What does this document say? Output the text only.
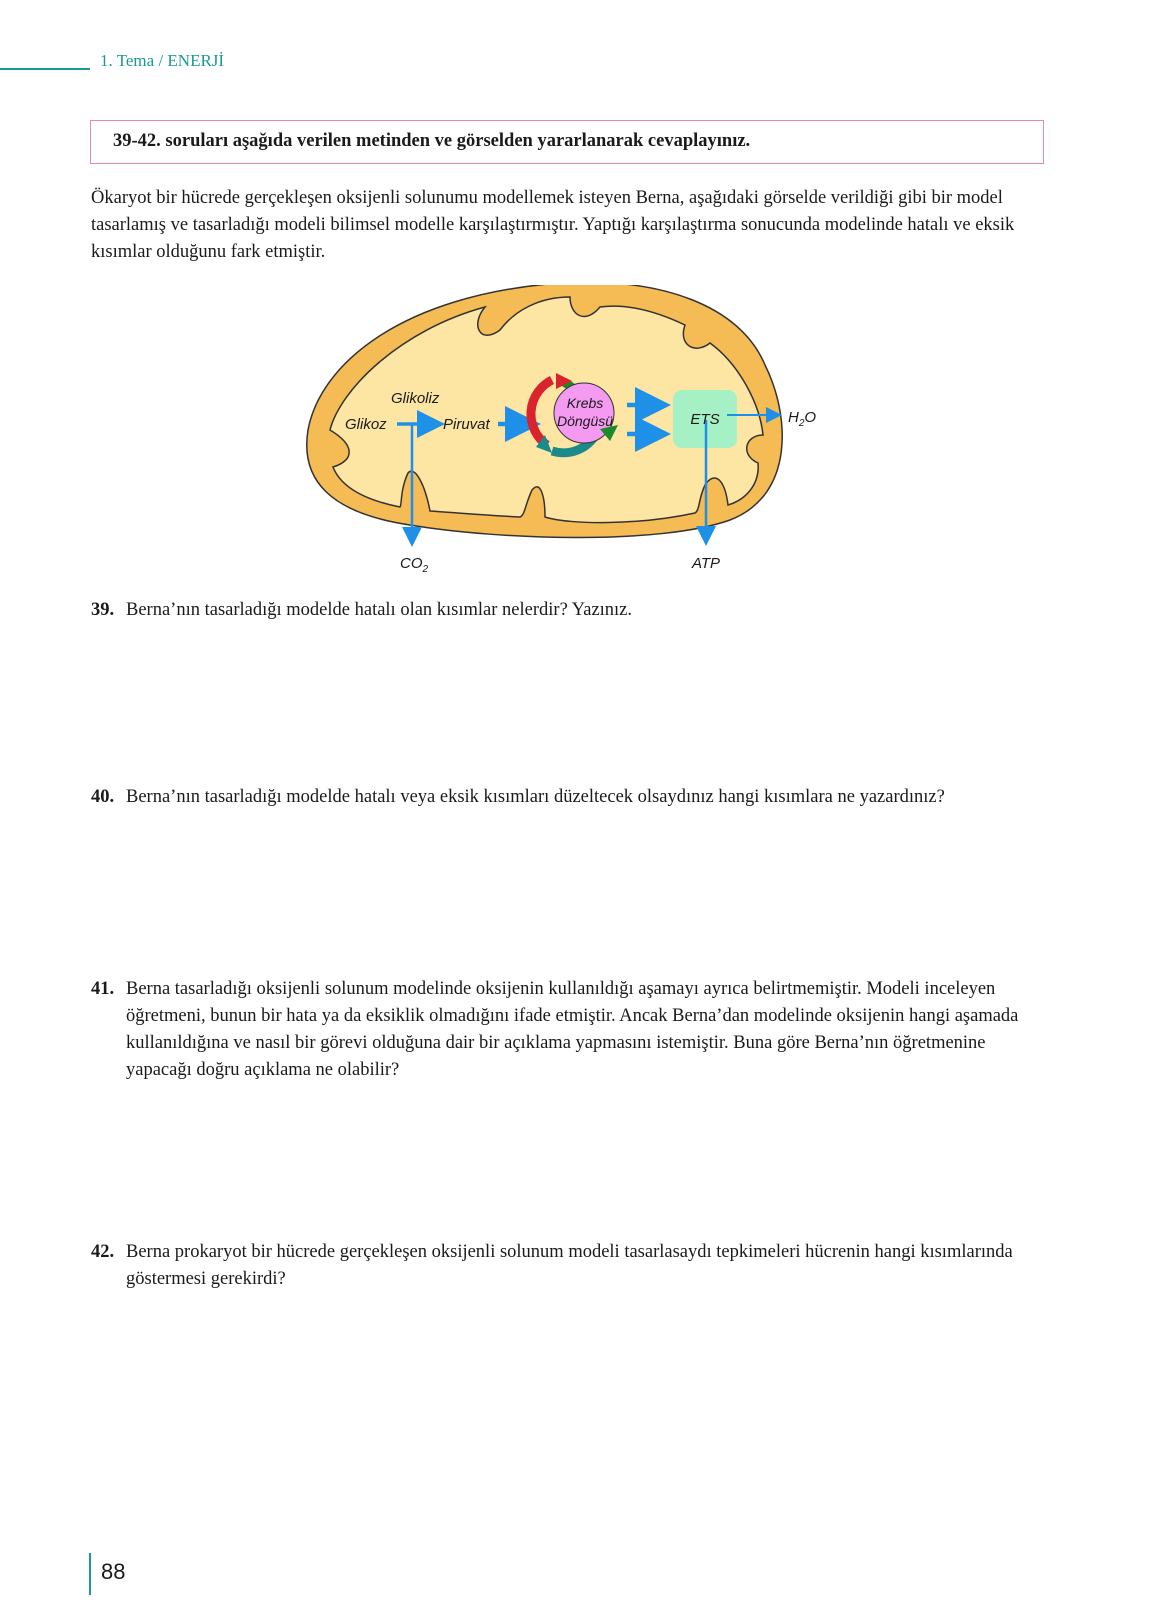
1. Tema / ENERJİ
39-42. soruları aşağıda verilen metinden ve görselden yararlanarak cevaplayınız.

Ökaryot bir hücrede gerçekleşen oksijenli solunumu modellemek isteyen Berna, aşağıdaki görselde verildiği gibi bir model tasarlamış ve tasarladığı modeli bilimsel modelle karşılaştırmıştır. Yaptığı karşılaştırma sonucunda modelinde hatalı ve eksik kısımlar olduğunu fark etmiştir.

Glikoliz
Glikoz	Piruvat
Krebs
Döngüsü	ETS	$H_2O$
$CO_2$	ATP
39. Berna’nın tasarladığı modelde hatalı olan kısımlar nelerdir? Yazınız.
40. Berna’nın tasarladığı modelde hatalı veya eksik kısımları düzeltecek olsaydınız hangi kısımlara ne yazardınız?
41. Berna tasarladığı oksijenli solunum modelinde oksijenin kullanıldığı aşamayı ayrıca belirtmemiştir. Modeli inceleyen öğretmeni, bunun bir hata ya da eksiklik olmadığını ifade etmiştir. Ancak Berna’dan modelinde oksijenin hangi aşamada kullanıldığına ve nasıl bir görevi olduğuna dair bir açıklama yapmasını istemiştir. Buna göre Berna’nın öğretmenine yapacağı doğru açıklama ne olabilir?
42. Berna prokaryot bir hücrede gerçekleşen oksijenli solunum modeli tasarlasaydı tepkimeleri hücrenin hangi kısımlarında göstermesi gerekirdi?
88
